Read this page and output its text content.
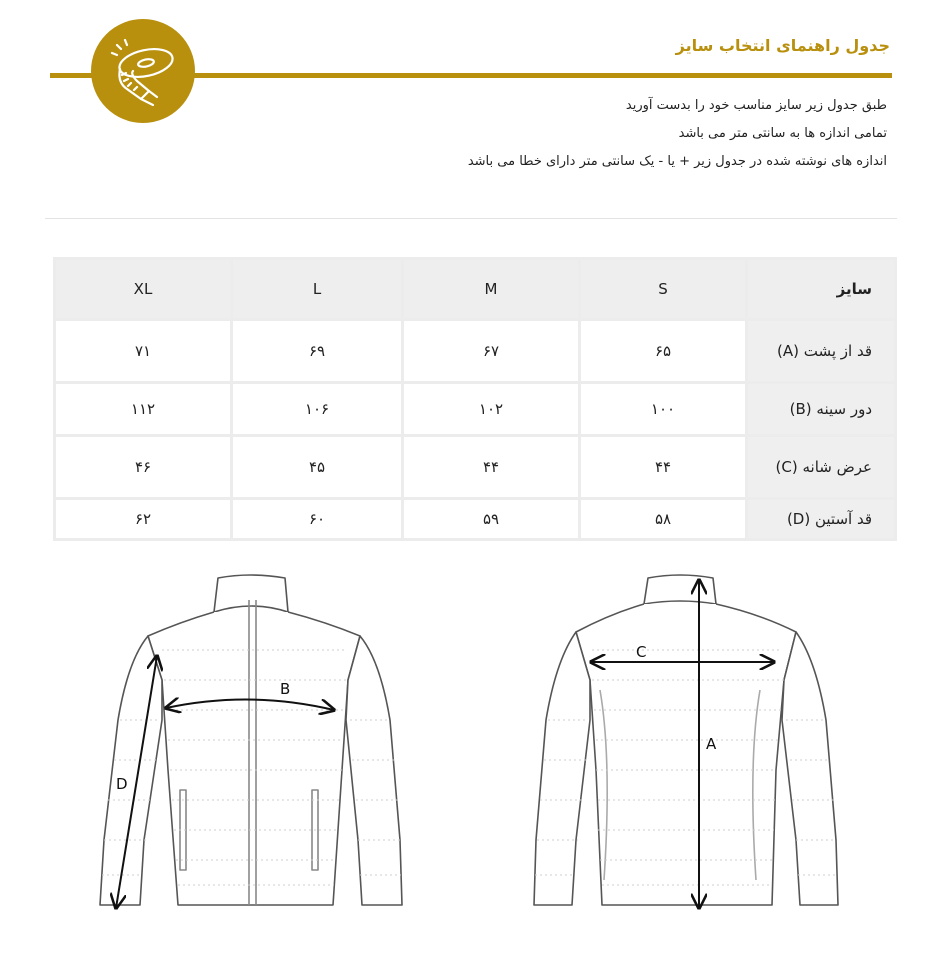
جدول راهنمای انتخاب سایز
طبق جدول زیر سایز مناسب خود را بدست آورید
تمامی اندازه ها به سانتی متر می باشد
اندازه های نوشته شده در جدول زیر + یا - یک سانتی متر دارای خطا می باشد
XL	L	M	S	سایز
۷۱	۶۹	۶۷	۶۵	قد از پشت (A)
۱۱۲	۱۰۶	۱۰۲	۱۰۰	دور سینه (B)
۴۶	۴۵	۴۴	۴۴	عرض شانه (C)
۶۲	۶۰	۵۹	۵۸	قد آستین (D)
B
D
C
A
